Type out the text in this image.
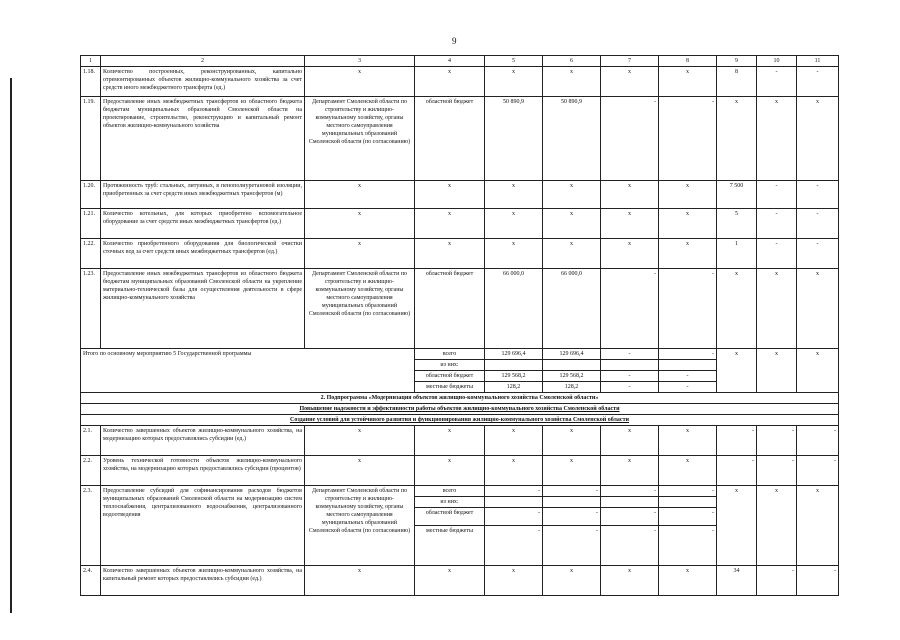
9
1	2	3	4	5	6	7	8	9	10	11
1.18.	Количество построенных, реконструированных, капитально отремонтированных объектов жилищно-коммунального хозяйства за счет средств иного межбюджетного трансферта (ед.)	х	х	х	х	х	х	8	-	-
1.19.	Предоставление иных межбюджетных трансфертов из областного бюджета бюджетам муниципальных образований Смоленской области на проектирование, строительство, реконструкцию и капитальный ремонт объектов жилищно-коммунального хозяйства	Департамент Смоленской области по строительству и жилищно-коммунальному хозяйству, органы местного самоуправления муниципальных образований Смоленской области (по согласованию)	областной бюджет	50 890,9	50 890,9	-	-	х	х	х
1.20.	Протяженность труб: стальных, литуиных, в пенополиуретановой изоляции, приобретенных за счет средств иных межбюджетных трансфертов (м)	х	х	х	х	х	х	7 500	-	-
1.21.	Количество котельных, для которых приобретено вспомогательное оборудование за счет средств иных межбюджетных трансфертов (ед.)	х	х	х	х	х	х	5	-	-
1.22.	Количество приобретенного оборудования для биологической очистки сточных вод за счет средств иных межбюджетных трансфертов (ед.)	х	х	х	х	х	х	1	-	-
1.23.	Предоставление иных межбюджетных трансфертов из областного бюджета бюджетам муниципальных образований Смоленской области на укрепление материально-технической базы для осуществления деятельности в сфере жилищно-коммунального хозяйства	Департамент Смоленской области по строительству и жилищно-коммунальному хозяйству, органы местного самоуправления муниципальных образований Смоленской области (по согласованию)	областной бюджет	66 000,0	66 000,0	-	-	х	х	х
Итого по основному мероприятию 5 Государственной программы			всего	129 696,4	129 696,4	-	-	х	х	х
			из них:							
			областной бюджет	129 568,2	129 568,2	-	-			
			местные бюджеты	128,2	128,2	-	-			
2. Подпрограмма «Модернизация объектов жилищно-коммунального хозяйства Смоленской области»										
Повышение надежности и эффективности работы объектов жилищно-коммунального хозяйства Смоленской области										
Создание условий для устойчивого развития и функционирования жилищно-коммунального хозяйства Смоленской области										
2.1.	Количество завершенных объектов жилищно-коммунального хозяйства, на модернизацию которых предоставлялись субсидии (ед.)	х	х	х	х	х	х	-	-	-
2.2.	Уровень технической готовности объектов жилищно-коммунального хозяйства, на модернизацию которых предоставлялись субсидии (процентов)	х	х	х	х	х	х	-	-	-
2.3.	Предоставление субсидий для софинансирования расходов бюджетов муниципальных образований Смоленской области на модернизацию систем теплоснабжения, централизованного водоснабжения, централизованного водоотведения	Департамент Смоленской области по строительству и жилищно-коммунальному хозяйству, органы местного самоуправления муниципальных образований Смоленской области (по согласованию)	всего	-	-	-	-	х	х	х
			из них:							
			областной бюджет	-	-	-	-			
			местные бюджеты	-	-	-	-			
2.4.	Количество завершенных объектов жилищно-коммунального хозяйства, на капитальный ремонт которых предоставлялись субсидии (ед.)	х	х	х	х	х	х	34	-	-
